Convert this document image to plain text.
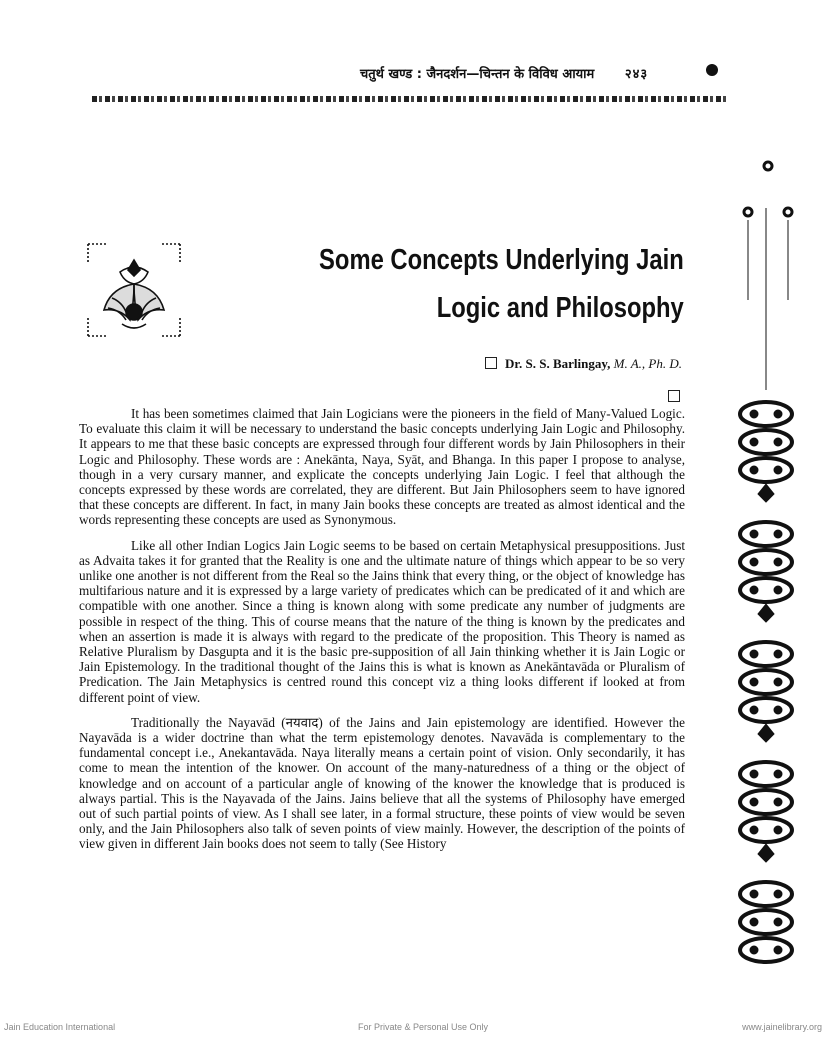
चतुर्थ खण्ड : जैनदर्शन—चिन्तन के विविध आयाम २४३
Some Concepts Underlying Jain
Logic and Philosophy
Dr. S. S. Barlingay, M. A., Ph. D.

It has been sometimes claimed that Jain Logicians were the pioneers in the field of Many-Valued Logic. To evaluate this claim it will be necessary to understand the basic concepts underlying Jain Logic and Philosophy. It appears to me that these basic concepts are expressed through four different words by Jain Philosophers in their Logic and Philosophy. These words are : Anekānta, Naya, Syāt, and Bhanga. In this paper I propose to analyse, though in a very cursary manner, and explicate the concepts underlying Jain Logic. I feel that although the concepts expressed by these words are correlated, they are different. But Jain Philosophers seem to have ignored that these concepts are different. In fact, in many Jain books these concepts are treated as almost identical and the words representing these concepts are used as Synonymous.

Like all other Indian Logics Jain Logic seems to be based on certain Metaphysical presuppositions. Just as Advaita takes it for granted that the Reality is one and the ultimate nature of things which appear to be so very unlike one another is not different from the Real so the Jains think that every thing, or the object of knowledge has multifarious nature and it is expressed by a large variety of predicates which can be predicated of it and which are compatible with one another. Since a thing is known along with some predicate any number of judgments are possible in respect of the thing. This of course means that the nature of the thing is known by the predicates and when an assertion is made it is always with regard to the predicate of the proposition. This Theory is named as Relative Pluralism by Dasgupta and it is the basic pre-supposition of all Jain thinking whether it is Jain Logic or Jain Epistemology. In the traditional thought of the Jains this is what is known as Anekāntavāda or Pluralism of Predication. The Jain Metaphysics is centred round this concept viz a thing looks different if looked at from different point of view.

Traditionally the Nayavād (नयवाद) of the Jains and Jain epistemology are identified. However the Nayavāda is a wider doctrine than what the term epistemology denotes. Navavāda is complementary to the fundamental concept i.e., Anekantavāda. Naya literally means a certain point of vision. Only secondarily, it has come to mean the intention of the knower. On account of the many-naturedness of a thing or the object of knowledge and on account of a particular angle of knowing of the knower the knowledge that is produced is always partial. This is the Nayavada of the Jains. Jains believe that all the systems of Philosophy have emerged out of such partial points of view. As I shall see later, in a formal structure, these points of view would be seven only, and the Jain Philosophers also talk of seven points of view mainly. However, the description of the points of view given in different Jain books does not seem to tally (See History

Jain Education International	For Private & Personal Use Only	www.jainelibrary.org
